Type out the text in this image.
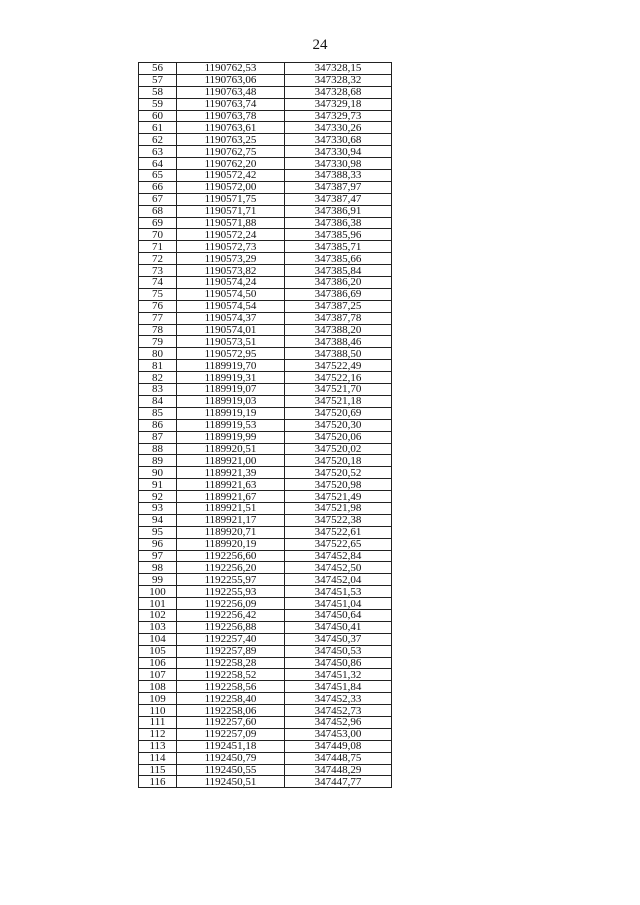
24
56	1190762,53	347328,15
57	1190763,06	347328,32
58	1190763,48	347328,68
59	1190763,74	347329,18
60	1190763,78	347329,73
61	1190763,61	347330,26
62	1190763,25	347330,68
63	1190762,75	347330,94
64	1190762,20	347330,98
65	1190572,42	347388,33
66	1190572,00	347387,97
67	1190571,75	347387,47
68	1190571,71	347386,91
69	1190571,88	347386,38
70	1190572,24	347385,96
71	1190572,73	347385,71
72	1190573,29	347385,66
73	1190573,82	347385,84
74	1190574,24	347386,20
75	1190574,50	347386,69
76	1190574,54	347387,25
77	1190574,37	347387,78
78	1190574,01	347388,20
79	1190573,51	347388,46
80	1190572,95	347388,50
81	1189919,70	347522,49
82	1189919,31	347522,16
83	1189919,07	347521,70
84	1189919,03	347521,18
85	1189919,19	347520,69
86	1189919,53	347520,30
87	1189919,99	347520,06
88	1189920,51	347520,02
89	1189921,00	347520,18
90	1189921,39	347520,52
91	1189921,63	347520,98
92	1189921,67	347521,49
93	1189921,51	347521,98
94	1189921,17	347522,38
95	1189920,71	347522,61
96	1189920,19	347522,65
97	1192256,60	347452,84
98	1192256,20	347452,50
99	1192255,97	347452,04
100	1192255,93	347451,53
101	1192256,09	347451,04
102	1192256,42	347450,64
103	1192256,88	347450,41
104	1192257,40	347450,37
105	1192257,89	347450,53
106	1192258,28	347450,86
107	1192258,52	347451,32
108	1192258,56	347451,84
109	1192258,40	347452,33
110	1192258,06	347452,73
111	1192257,60	347452,96
112	1192257,09	347453,00
113	1192451,18	347449,08
114	1192450,79	347448,75
115	1192450,55	347448,29
116	1192450,51	347447,77
